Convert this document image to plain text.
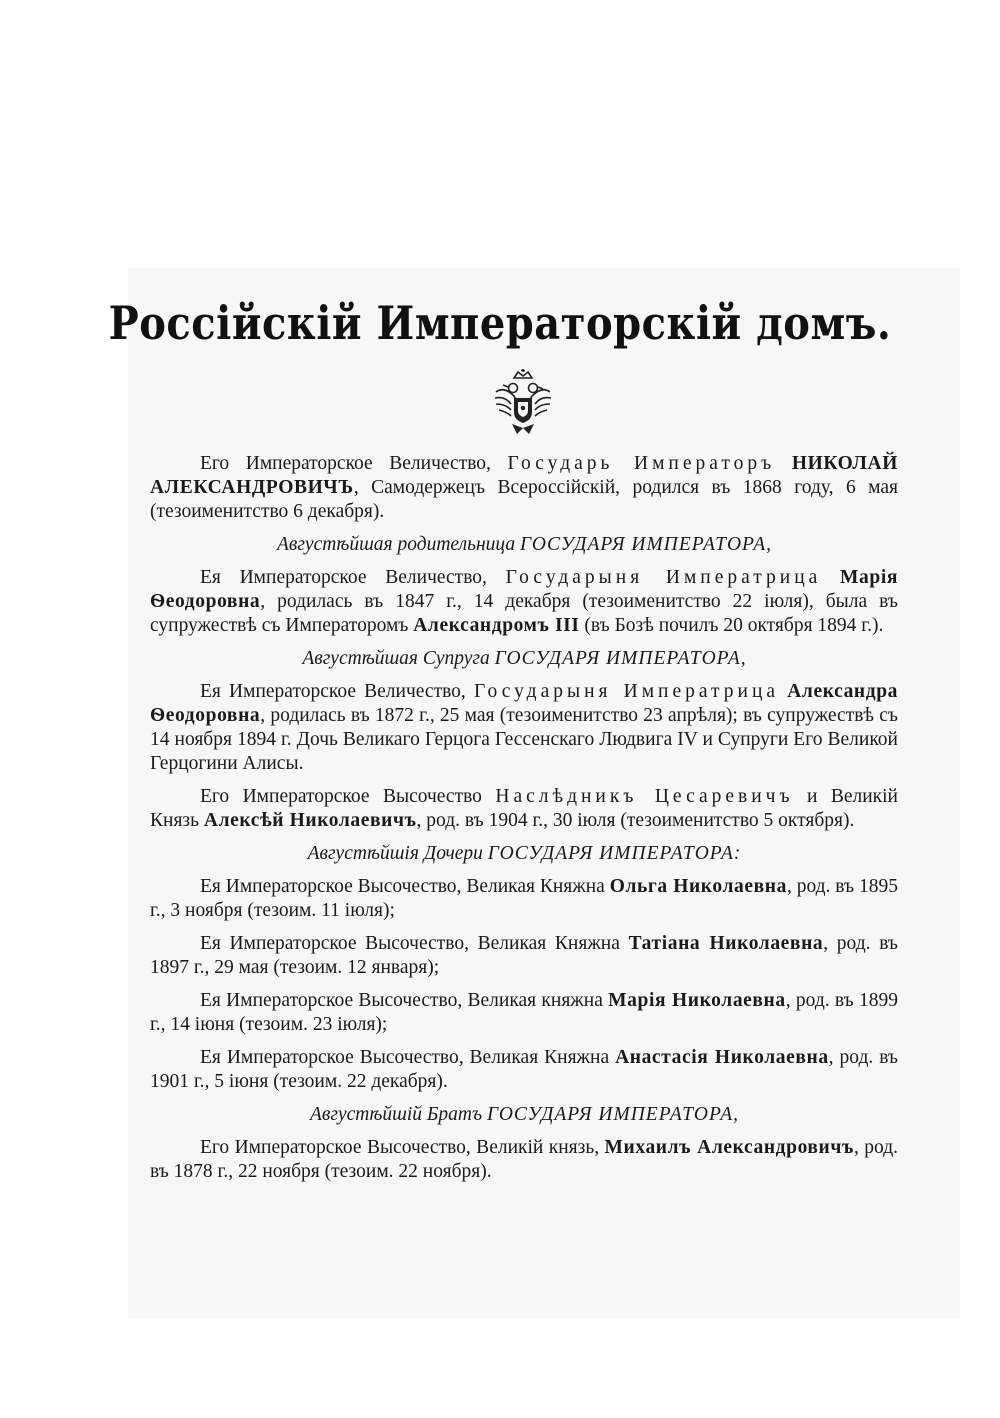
Россійскій Императорскій домъ.

Его Императорское Величество, Государь Императоръ НИКОЛАЙ АЛЕКСАНДРОВИЧЪ, Самодержецъ Всероссійскій, родился въ 1868 году, 6 мая (тезоименитство 6 декабря).

Августѣйшая родительница ГОСУДАРЯ ИМПЕРАТОРА,

Ея Императорское Величество, Государыня Императрица Марія Ѳеодоровна, родилась въ 1847 г., 14 декабря (тезоименитство 22 іюля), была въ супружествѣ съ Императоромъ Александромъ III (въ Бозѣ почилъ 20 октября 1894 г.).

Августѣйшая Супруга ГОСУДАРЯ ИМПЕРАТОРА,

Ея Императорское Величество, Государыня Императрица Александра Ѳеодоровна, родилась въ 1872 г., 25 мая (тезоименитство 23 апрѣля); въ супружествѣ съ 14 ноября 1894 г. Дочь Великаго Герцога Гессенскаго Людвига IV и Супруги Его Великой Герцогини Алисы.

Его Императорское Высочество Наслѣдникъ Цесаревичъ и Великій Князь Алексѣй Николаевичъ, род. въ 1904 г., 30 іюля (тезоименитство 5 октября).

Августѣйшія Дочери ГОСУДАРЯ ИМПЕРАТОРА:

Ея Императорское Высочество, Великая Княжна Ольга Николаевна, род. въ 1895 г., 3 ноября (тезоим. 11 іюля);

Ея Императорское Высочество, Великая Княжна Татіана Николаевна, род. въ 1897 г., 29 мая (тезоим. 12 января);

Ея Императорское Высочество, Великая княжна Марія Николаевна, род. въ 1899 г., 14 іюня (тезоим. 23 іюля);

Ея Императорское Высочество, Великая Княжна Анастасія Николаевна, род. въ 1901 г., 5 іюня (тезоим. 22 декабря).

Августѣйшій Братъ ГОСУДАРЯ ИМПЕРАТОРА,

Его Императорское Высочество, Великій князь, Михаилъ Александровичъ, род. въ 1878 г., 22 ноября (тезоим. 22 ноября).
